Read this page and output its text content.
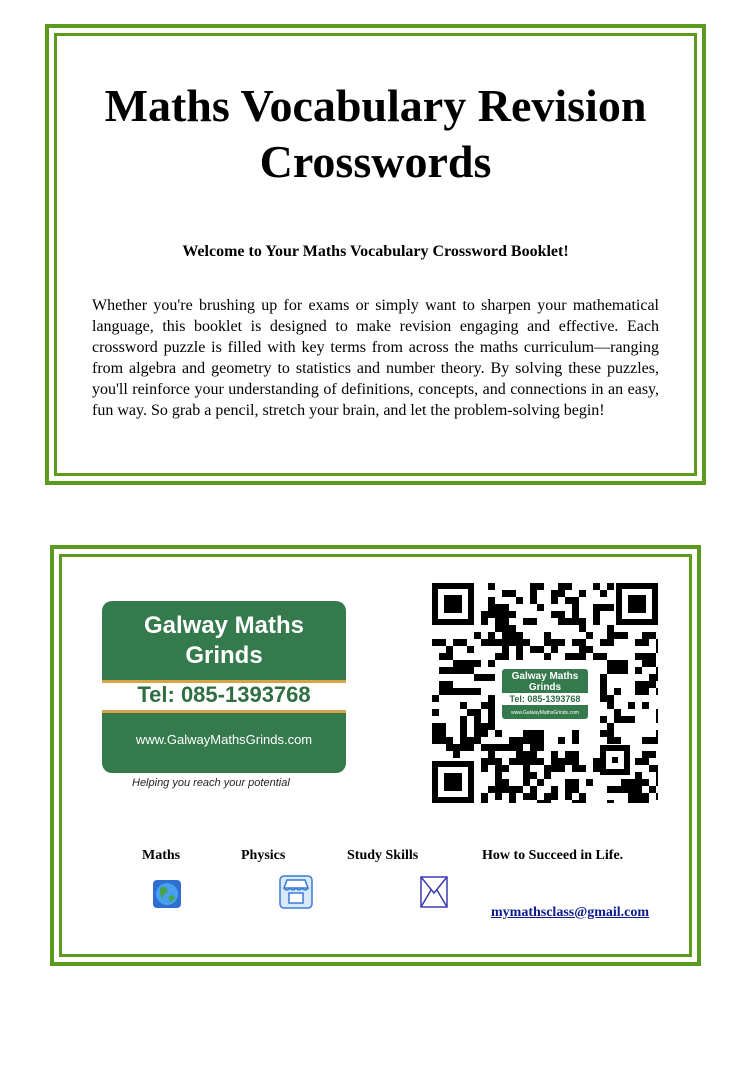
Maths Vocabulary Revision Crosswords
Welcome to Your Maths Vocabulary Crossword Booklet!

Whether you're brushing up for exams or simply want to sharpen your mathematical language, this booklet is designed to make revision engaging and effective. Each crossword puzzle is filled with key terms from across the maths curriculum—ranging from algebra and geometry to statistics and number theory. By solving these puzzles, you'll reinforce your understanding of definitions, concepts, and connections in an easy, fun way. So grab a pencil, stretch your brain, and let the problem-solving begin!

Galway Maths Grinds
Tel: 085-1393768
www.GalwayMathsGrinds.com
Helping you reach your potential
Galway Maths
Grinds
Tel: 085-1393768
www.GalwayMathsGrinds.com
Maths	Physics	Study Skills	How to Succeed in Life.
mymathsclass@gmail.com
